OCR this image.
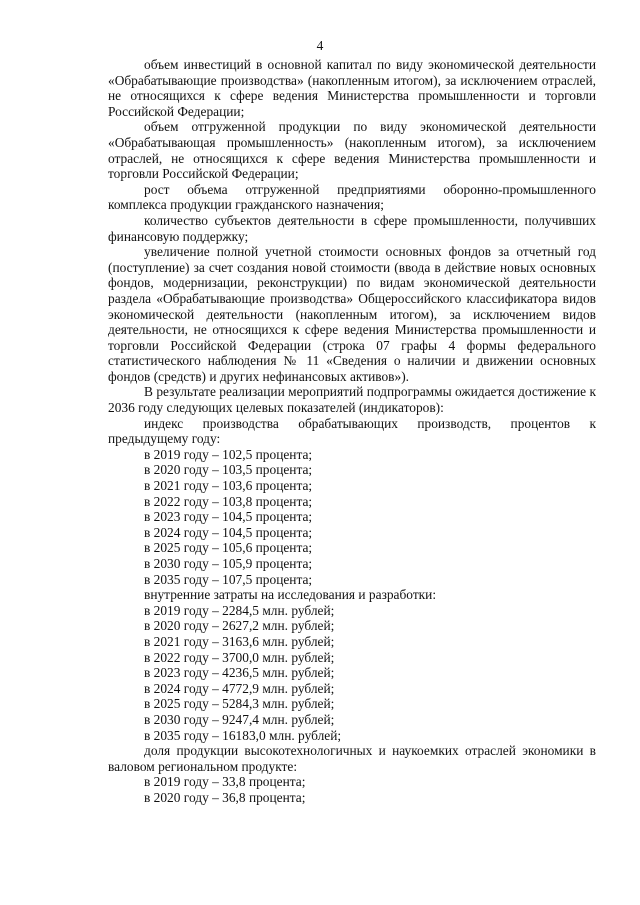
4

объем инвестиций в основной капитал по виду экономической деятельности «Обрабатывающие производства» (накопленным итогом), за исключением отраслей, не относящихся к сфере ведения Министерства промышленности и торговли Российской Федерации;

объем отгруженной продукции по виду экономической деятельности «Обрабатывающая промышленность» (накопленным итогом), за исключением отраслей, не относящихся к сфере ведения Министерства промышленности и торговли Российской Федерации;

рост объема отгруженной предприятиями оборонно-промышленного комплекса продукции гражданского назначения;

количество субъектов деятельности в сфере промышленности, получивших финансовую поддержку;

увеличение полной учетной стоимости основных фондов за отчетный год (поступление) за счет создания новой стоимости (ввода в действие новых основных фондов, модернизации, реконструкции) по видам экономической деятельности раздела «Обрабатывающие производства» Общероссийского классификатора видов экономической деятельности (накопленным итогом), за исключением видов деятельности, не относящихся к сфере ведения Министерства промышленности и торговли Российской Федерации (строка 07 графы 4 формы федерального статистического наблюдения № 11 «Сведения о наличии и движении основных фондов (средств) и других нефинансовых активов»).

В результате реализации мероприятий подпрограммы ожидается достижение к 2036 году следующих целевых показателей (индикаторов):

индекс производства обрабатывающих производств, процентов к предыдущему году:

в 2019 году – 102,5 процента;
в 2020 году – 103,5 процента;
в 2021 году – 103,6 процента;
в 2022 году – 103,8 процента;
в 2023 году – 104,5 процента;
в 2024 году – 104,5 процента;
в 2025 году – 105,6 процента;
в 2030 году – 105,9 процента;
в 2035 году – 107,5 процента;

внутренние затраты на исследования и разработки:

в 2019 году – 2284,5 млн. рублей;
в 2020 году – 2627,2 млн. рублей;
в 2021 году – 3163,6 млн. рублей;
в 2022 году – 3700,0 млн. рублей;
в 2023 году – 4236,5 млн. рублей;
в 2024 году – 4772,9 млн. рублей;
в 2025 году – 5284,3 млн. рублей;
в 2030 году – 9247,4 млн. рублей;
в 2035 году – 16183,0 млн. рублей;

доля продукции высокотехнологичных и наукоемких отраслей экономики в валовом региональном продукте:

в 2019 году – 33,8 процента;
в 2020 году – 36,8 процента;
